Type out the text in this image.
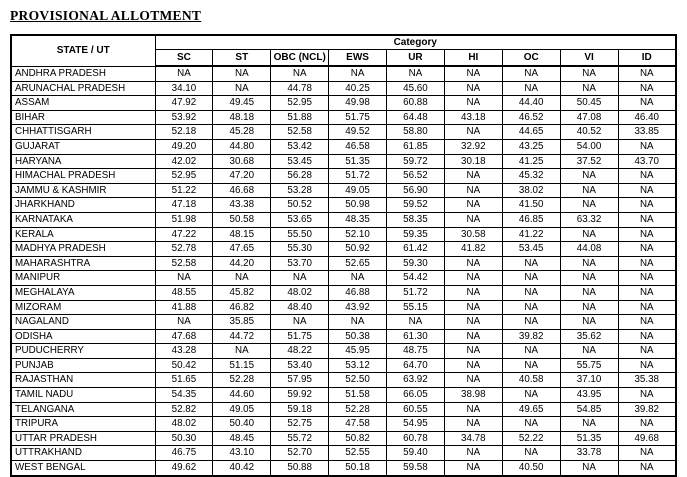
PROVISIONAL ALLOTMENT
STATE / UT	Category								
	SC	ST	OBC (NCL)	EWS	UR	HI	OC	VI	ID
ANDHRA PRADESH	NA	NA	NA	NA	NA	NA	NA	NA	NA
ARUNACHAL PRADESH	34.10	NA	44.78	40.25	45.60	NA	NA	NA	NA
ASSAM	47.92	49.45	52.95	49.98	60.88	NA	44.40	50.45	NA
BIHAR	53.92	48.18	51.88	51.75	64.48	43.18	46.52	47.08	46.40
CHHATTISGARH	52.18	45.28	52.58	49.52	58.80	NA	44.65	40.52	33.85
GUJARAT	49.20	44.80	53.42	46.58	61.85	32.92	43.25	54.00	NA
HARYANA	42.02	30.68	53.45	51.35	59.72	30.18	41.25	37.52	43.70
HIMACHAL PRADESH	52.95	47.20	56.28	51.72	56.52	NA	45.32	NA	NA
JAMMU & KASHMIR	51.22	46.68	53.28	49.05	56.90	NA	38.02	NA	NA
JHARKHAND	47.18	43.38	50.52	50.98	59.52	NA	41.50	NA	NA
KARNATAKA	51.98	50.58	53.65	48.35	58.35	NA	46.85	63.32	NA
KERALA	47.22	48.15	55.50	52.10	59.35	30.58	41.22	NA	NA
MADHYA PRADESH	52.78	47.65	55.30	50.92	61.42	41.82	53.45	44.08	NA
MAHARASHTRA	52.58	44.20	53.70	52.65	59.30	NA	NA	NA	NA
MANIPUR	NA	NA	NA	NA	54.42	NA	NA	NA	NA
MEGHALAYA	48.55	45.82	48.02	46.88	51.72	NA	NA	NA	NA
MIZORAM	41.88	46.82	48.40	43.92	55.15	NA	NA	NA	NA
NAGALAND	NA	35.85	NA	NA	NA	NA	NA	NA	NA
ODISHA	47.68	44.72	51.75	50.38	61.30	NA	39.82	35.62	NA
PUDUCHERRY	43.28	NA	48.22	45.95	48.75	NA	NA	NA	NA
PUNJAB	50.42	51.15	53.40	53.12	64.70	NA	NA	55.75	NA
RAJASTHAN	51.65	52.28	57.95	52.50	63.92	NA	40.58	37.10	35.38
TAMIL NADU	54.35	44.60	59.92	51.58	66.05	38.98	NA	43.95	NA
TELANGANA	52.82	49.05	59.18	52.28	60.55	NA	49.65	54.85	39.82
TRIPURA	48.02	50.40	52.75	47.58	54.95	NA	NA	NA	NA
UTTAR PRADESH	50.30	48.45	55.72	50.82	60.78	34.78	52.22	51.35	49.68
UTTRAKHAND	46.75	43.10	52.70	52.55	59.40	NA	NA	33.78	NA
WEST BENGAL	49.62	40.42	50.88	50.18	59.58	NA	40.50	NA	NA
